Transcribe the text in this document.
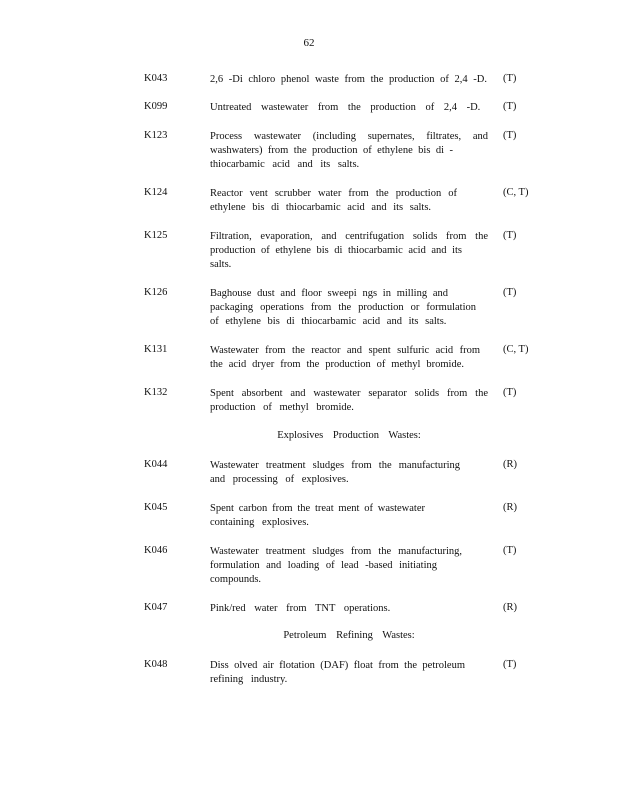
62
K043	2,6 -Di chloro phenol waste from the production of 2,4 -D. (T)
K099	Untreated wastewater from the production of 2,4 -D.	(T)
K123	Process wastewater (including supernates, filtrates, and
washwaters) from the production of ethylene bis di -
thiocarbamic acid and its salts.
(T)
K124	Reactor vent scrubber water from the production of
ethylene bis di thiocarbamic acid and its salts.
(C, T)
K125	Filtration, evaporation, and centrifugation solids from the
production of ethylene bis di thiocarbamic acid and its
salts.
(T)
K126	Baghouse dust and floor sweepi ngs in milling and
packaging operations from the production or formulation
of ethylene bis di thiocarbamic acid and its salts.
(T)
K131	Wastewater from the reactor and spent sulfuric acid from
the acid dryer from the production of methyl bromide.
(C, T)
K132	Spent absorbent and wastewater separator solids from the
production of methyl bromide.
(T)
Explosives Production Wastes:
K044	Wastewater treatment sludges from the manufacturing
and processing of explosives.
(R)
K045	Spent carbon from the treat ment of wastewater
containing explosives.
(R)
K046	Wastewater treatment sludges from the manufacturing,
formulation and loading of lead -based initiating
compounds.
(T)
K047	Pink/red water from TNT operations.	(R)
Petroleum Refining Wastes:
K048	Diss olved air flotation (DAF) float from the petroleum
refining industry.
(T)
